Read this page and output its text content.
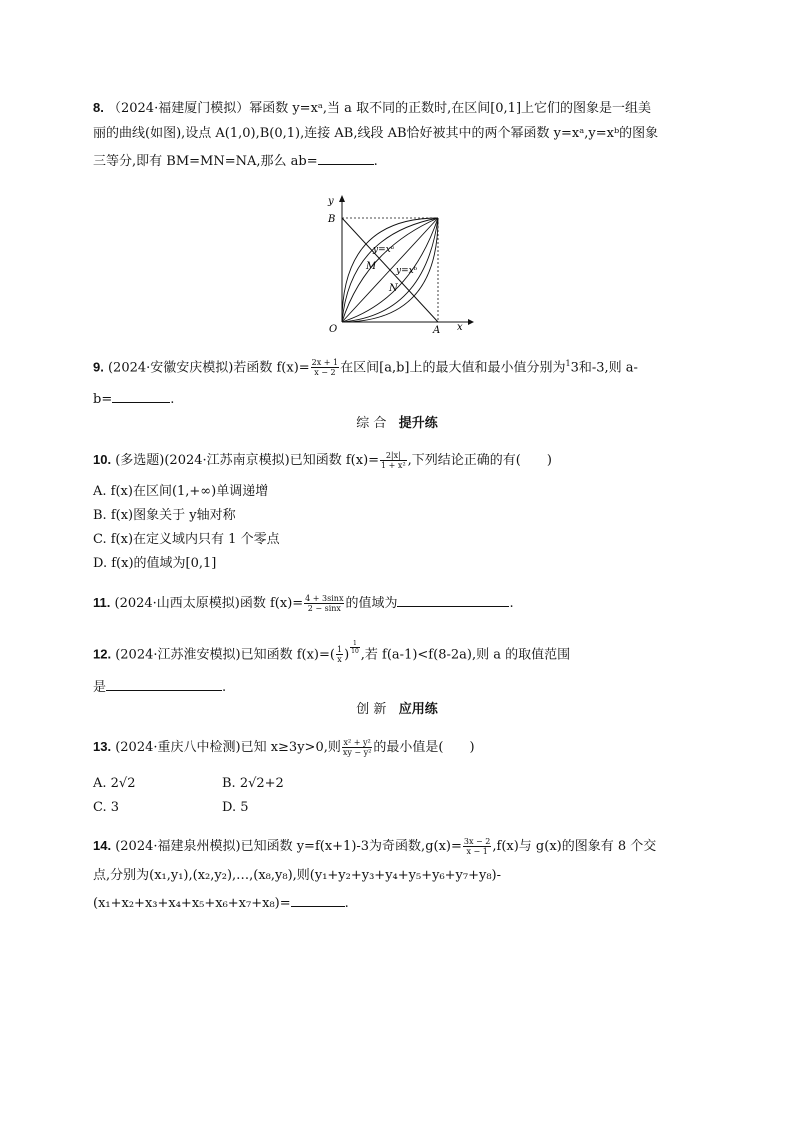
8. （2024·福建厦门模拟）幂函数 y=xᵃ,当 a 取不同的正数时,在区间[0,1]上它们的图象是一组美
丽的曲线(如图),设点 A(1,0),B(0,1),连接 AB,线段 AB恰好被其中的两个幂函数 y=xᵃ,y=xᵇ的图象
三等分,即有 BM=MN=NA,那么 ab=	.
y
B
O	A x
M
N
y=xᵃ
y=xᵇ
9. (2024·安徽安庆模拟)若函数 $f(x)= \frac{2x + 1}{x - 2}$ 在区间[a,b]上的最大值和最小值分别为$^1$3和-3,则 a-
b=	.
综 合 提升练
10. (多选题)(2024·江苏南京模拟)已知函数 $f(x)= \frac{2|x|}{\text{1 + x²}}$ ,下列结论正确的有(　　)
A. f(x)在区间(1,+∞)单调递增
B. f(x)图象关于 y轴对称
C. f(x)在定义域内只有 1 个零点
D. f(x)的值域为[0,1]
11. (2024·山西太原模拟)函数 $f(x)= \frac{4 + 3\sin x}{2 - \sin x}$ 的值域为	.
12. (2024·江苏淮安模拟)已知函数 $f(x)=( \frac{1}{x}$ ) $\frac{1}{10}$ ,若 f(a-1)<f(8-2a),则 a 的取值范围
是	.
创 新 应用练
13. (2024·重庆八中检测)已知 x≥3y>0,则 $\frac{\text{x² + y²}}{\text{xy − y²}}$ 的最小值是(　　)
A. 2√2	B. 2√2+2
C. 3	D. 5
14. (2024·福建泉州模拟)已知函数 y=f(x+1)-3为奇函数$,g(x)= \frac{3x - 2}{x - 1} ,f(x)$与 g(x)的图象有 8 个交
点,分别为(x₁,y₁),(x₂,y₂),…,(x₈,y₈),则(y₁+y₂+y₃+y₄+y₅+y₆+y₇+y₈)-
(x₁+x₂+x₃+x₄+x₅+x₆+x₇+x₈)=	.
